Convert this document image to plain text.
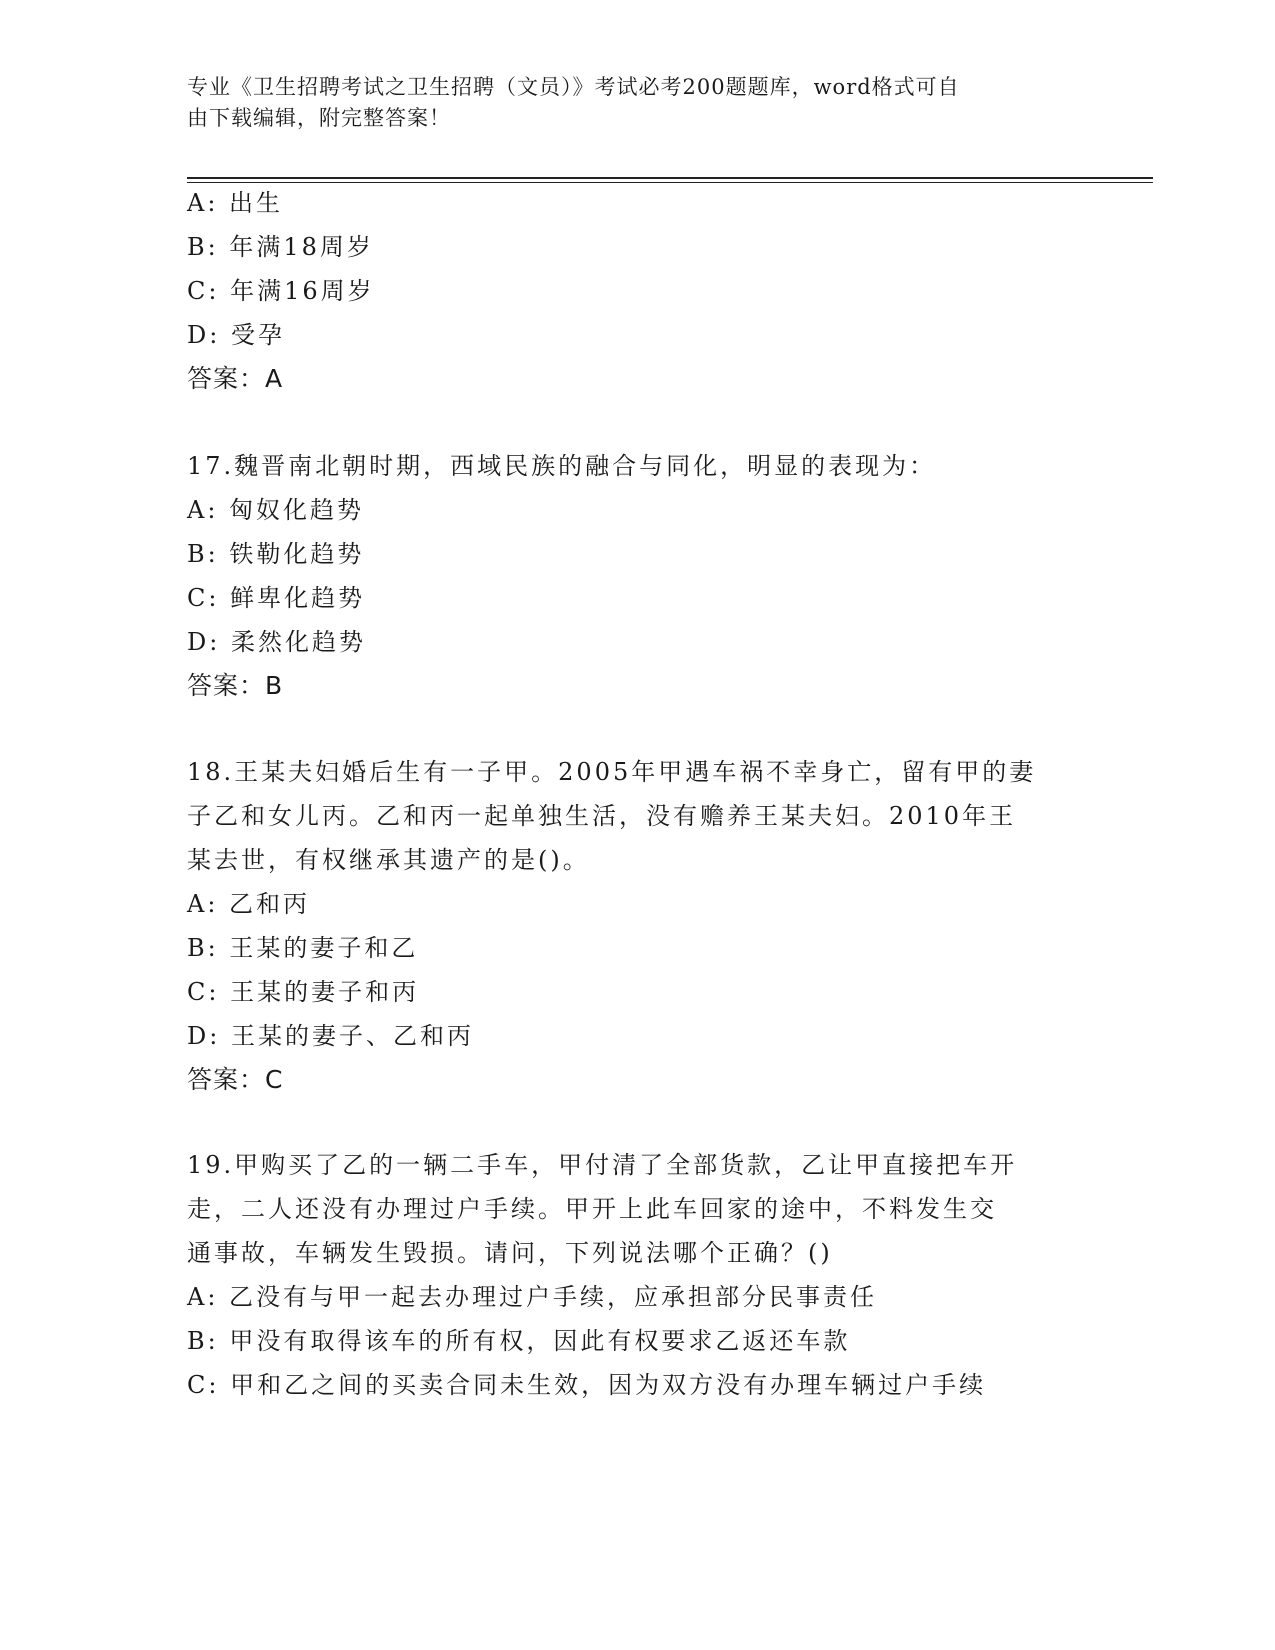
专业《卫生招聘考试之卫生招聘（文员）》考试必考200题题库，word格式可自
由下载编辑，附完整答案！
A: 出生
B: 年满18周岁
C: 年满16周岁
D: 受孕
答案：A
17.魏晋南北朝时期，西域民族的融合与同化，明显的表现为：
A: 匈奴化趋势
B: 铁勒化趋势
C: 鲜卑化趋势
D: 柔然化趋势
答案：B
18.王某夫妇婚后生有一子甲。2005年甲遇车祸不幸身亡，留有甲的妻
子乙和女儿丙。乙和丙一起单独生活，没有赡养王某夫妇。2010年王
某去世，有权继承其遗产的是()。
A: 乙和丙
B: 王某的妻子和乙
C: 王某的妻子和丙
D: 王某的妻子、乙和丙
答案：C
19.甲购买了乙的一辆二手车，甲付清了全部货款，乙让甲直接把车开
走，二人还没有办理过户手续。甲开上此车回家的途中，不料发生交
通事故，车辆发生毁损。请问，下列说法哪个正确？()
A: 乙没有与甲一起去办理过户手续，应承担部分民事责任
B: 甲没有取得该车的所有权，因此有权要求乙返还车款
C: 甲和乙之间的买卖合同未生效，因为双方没有办理车辆过户手续
